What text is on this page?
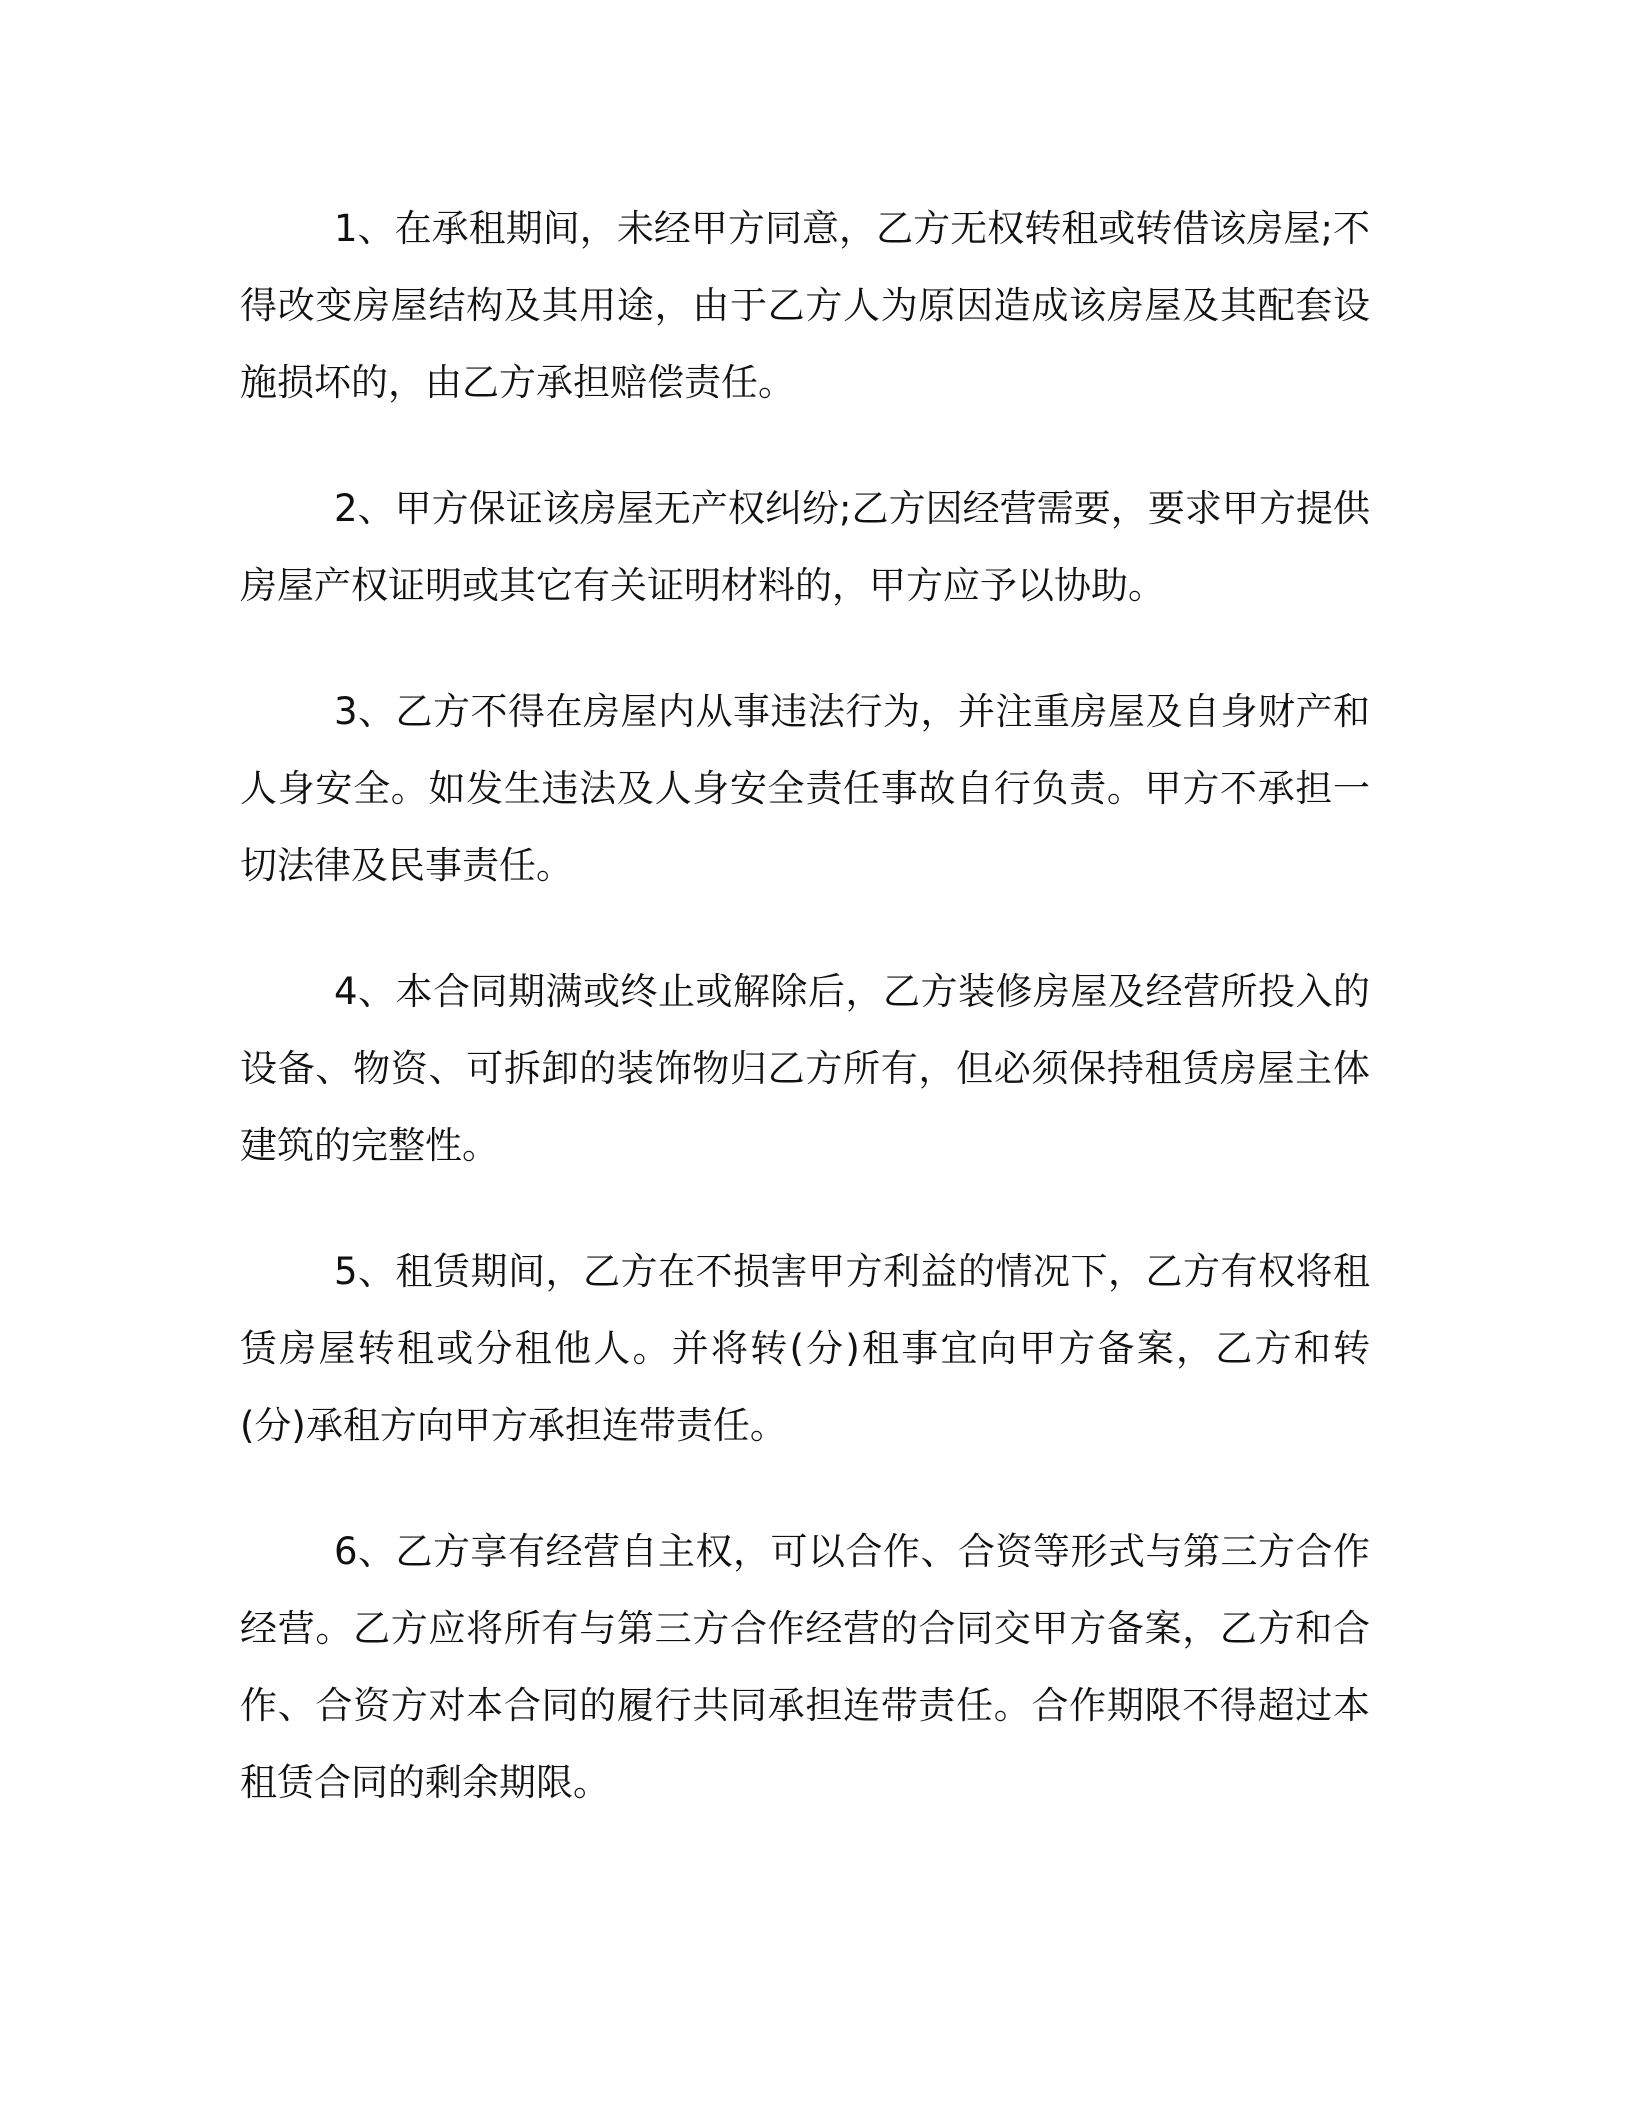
1、在承租期间，未经甲方同意，乙方无权转租或转借该房屋;不得改变房屋结构及其用途，由于乙方人为原因造成该房屋及其配套设施损坏的，由乙方承担赔偿责任。

2、甲方保证该房屋无产权纠纷;乙方因经营需要，要求甲方提供房屋产权证明或其它有关证明材料的，甲方应予以协助。

3、乙方不得在房屋内从事违法行为，并注重房屋及自身财产和人身安全。如发生违法及人身安全责任事故自行负责。甲方不承担一切法律及民事责任。

4、本合同期满或终止或解除后，乙方装修房屋及经营所投入的设备、物资、可拆卸的装饰物归乙方所有，但必须保持租赁房屋主体建筑的完整性。

5、租赁期间，乙方在不损害甲方利益的情况下，乙方有权将租赁房屋转租或分租他人。并将转(分)租事宜向甲方备案，乙方和转(分)承租方向甲方承担连带责任。

6、乙方享有经营自主权，可以合作、合资等形式与第三方合作经营。乙方应将所有与第三方合作经营的合同交甲方备案，乙方和合作、合资方对本合同的履行共同承担连带责任。合作期限不得超过本租赁合同的剩余期限。
